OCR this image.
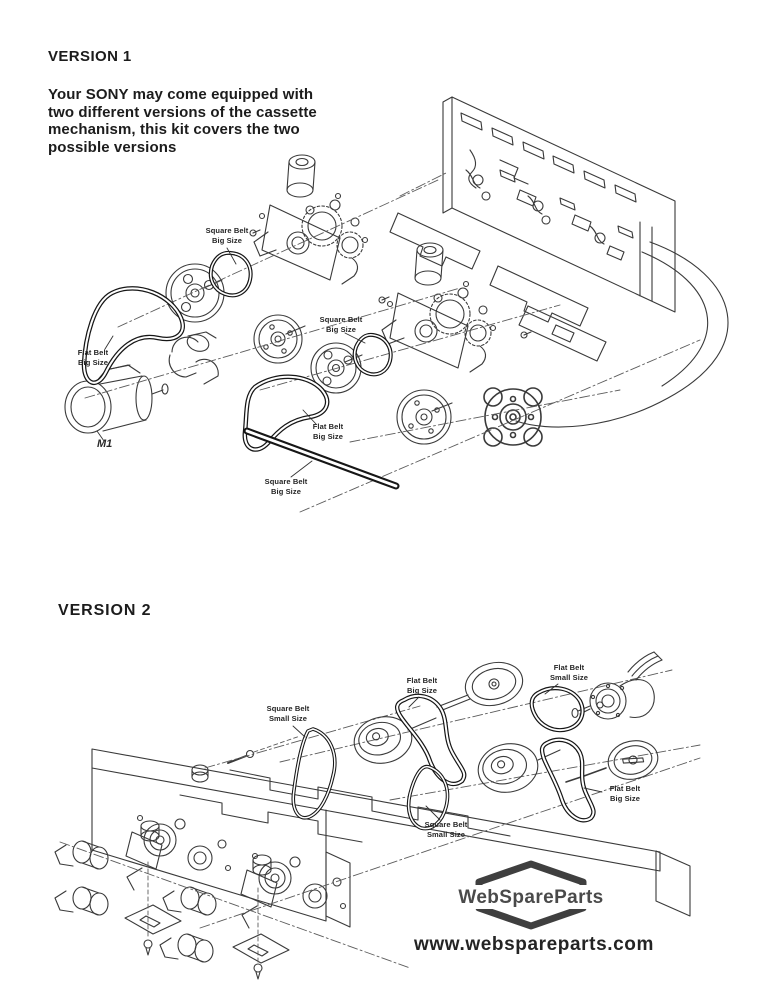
VERSION 1
Your SONY may come equipped with
two different versions of the cassette
mechanism, this kit covers the two
possible versions
Square Belt
Big Size
Flat Belt
Big Size
M1
Square Belt
Big Size
Flat Belt
Big Size
Square Belt
Big Size
VERSION 2
Square Belt
Small Size
Flat Belt
Big Size
Flat Belt
Small Size
Square Belt
Small Size
Flat Belt
Big Size
WebSpareParts
www.webspareparts.com
